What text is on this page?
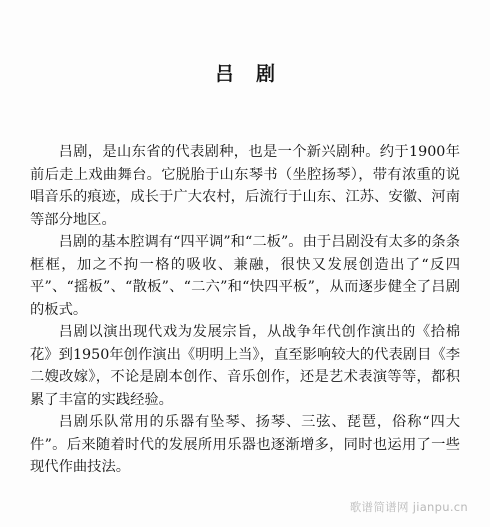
吕剧

吕剧，是山东省的代表剧种，也是一个新兴剧种。约于1900年前后走上戏曲舞台。它脱胎于山东琴书（坐腔扬琴），带有浓重的说唱音乐的痕迹，成长于广大农村，后流行于山东、江苏、安徽、河南等部分地区。

吕剧的基本腔调有“四平调”和“二板”。由于吕剧没有太多的条条框框，加之不拘一格的吸收、兼融，很快又发展创造出了“反四平”、“摇板”、“散板”、“二六”和“快四平板”，从而逐步健全了吕剧的板式。

吕剧以演出现代戏为发展宗旨，从战争年代创作演出的《拾棉花》到1950年创作演出《明明上当》，直至影响较大的代表剧目《李二嫂改嫁》，不论是剧本创作、音乐创作，还是艺术表演等等，都积累了丰富的实践经验。

吕剧乐队常用的乐器有坠琴、扬琴、三弦、琵琶，俗称“四大件”。后来随着时代的发展所用乐器也逐渐增多，同时也运用了一些现代作曲技法。

歌谱简谱网 jianpu.cn
